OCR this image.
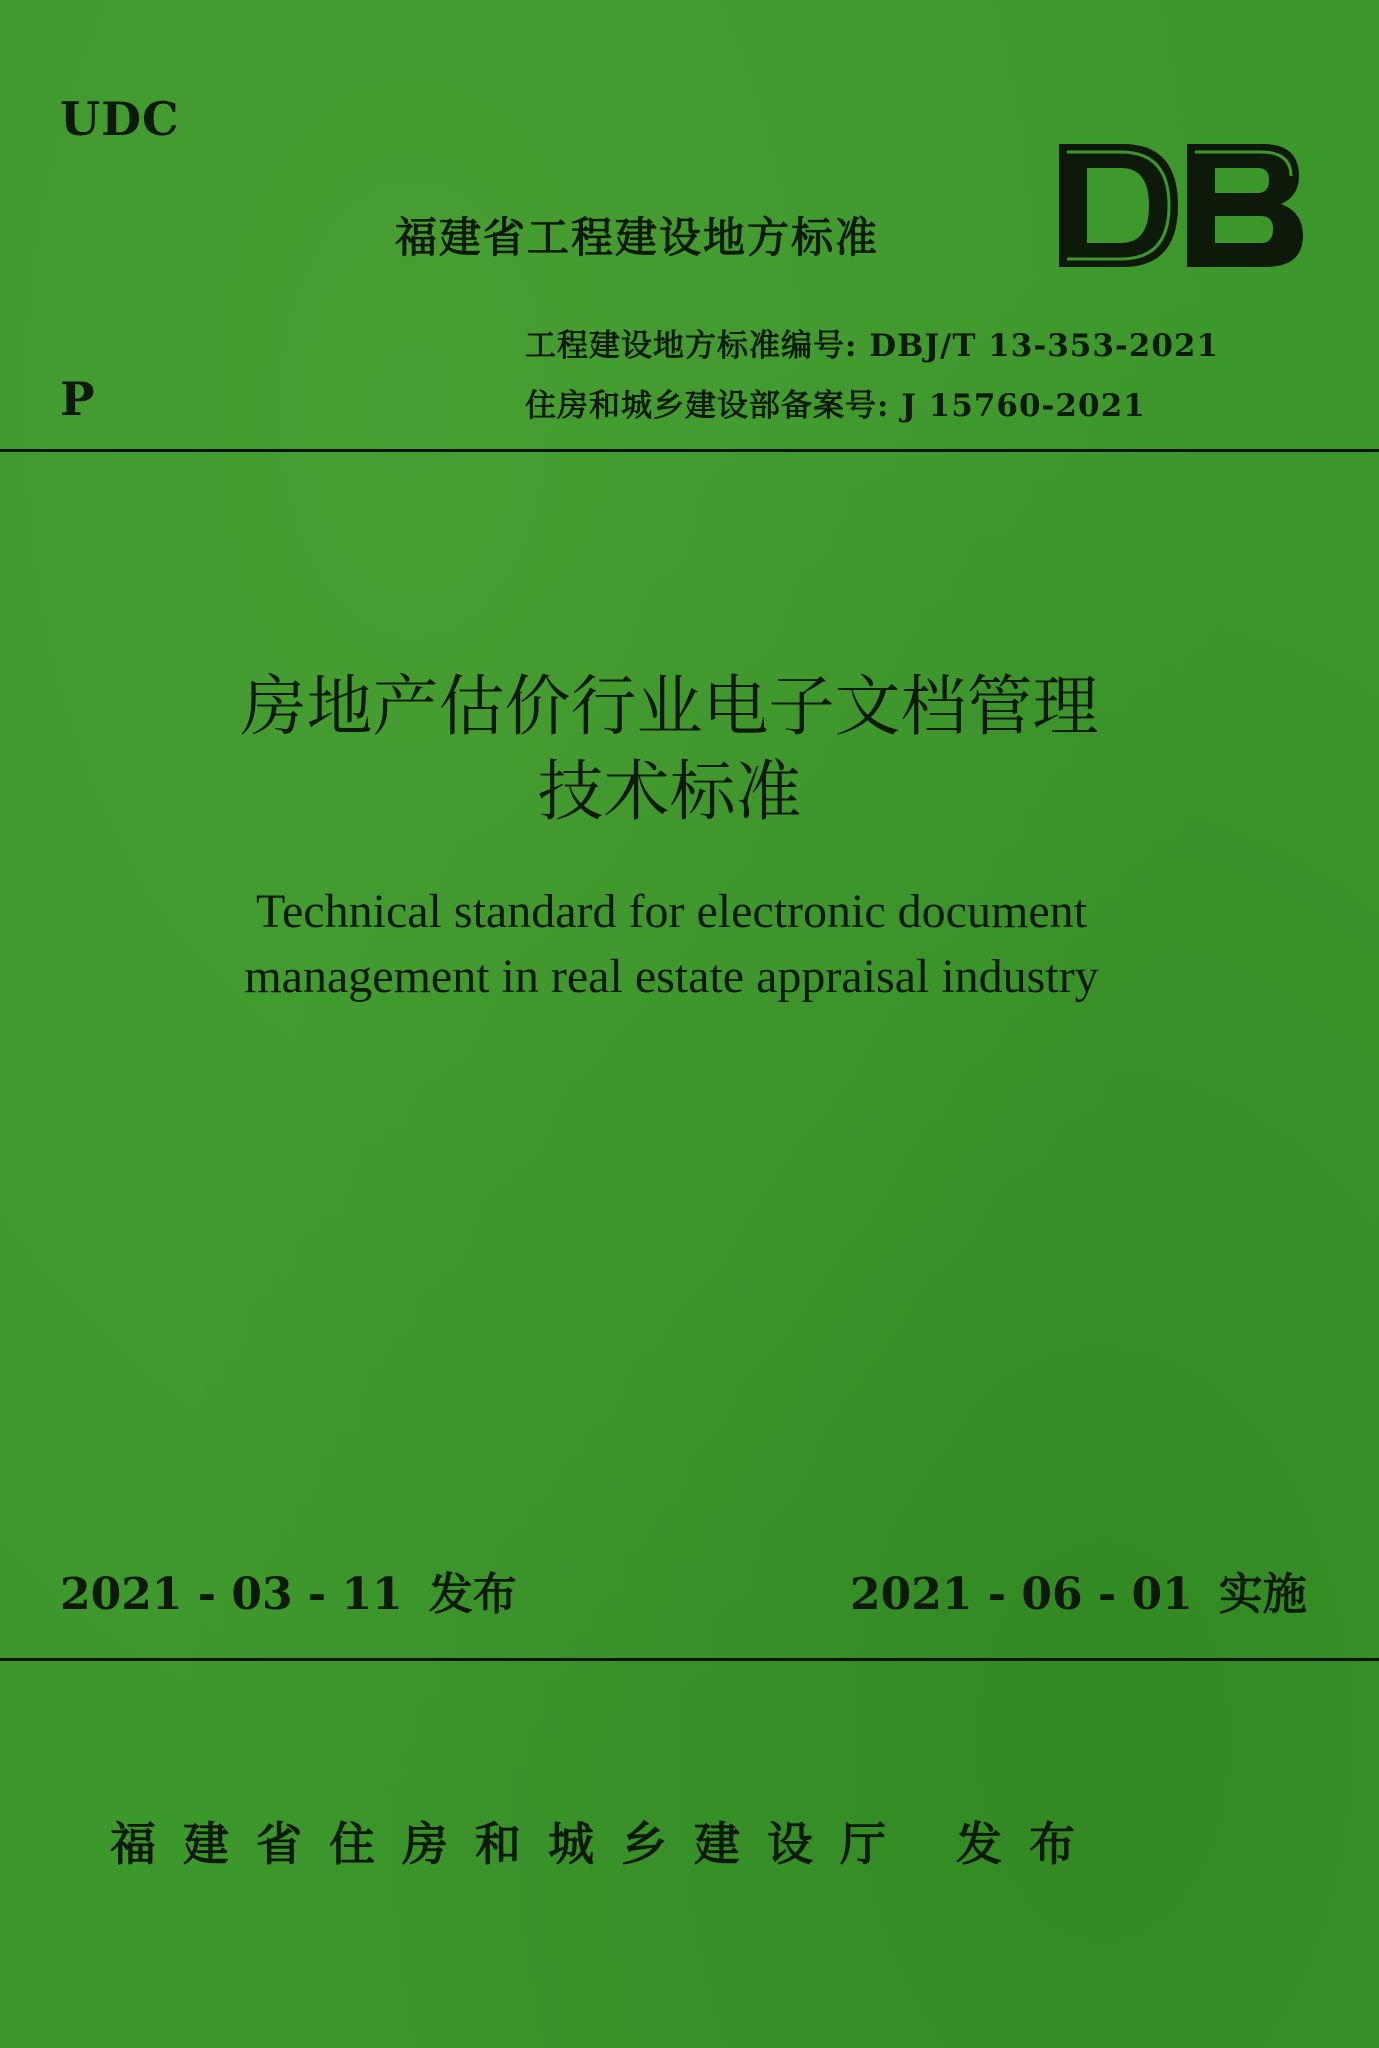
UDC
P
福建省工程建设地方标准
工程建设地方标准编号: DBJ/T 13-353-2021
住房和城乡建设部备案号: J 15760-2021
房地产估价行业电子文档管理
技术标准
Technical standard for electronic document
management in real estate appraisal industry
2021 - 03 - 11 发布	2021 - 06 - 01 实施
福建省住房和城乡建设厅 发布
